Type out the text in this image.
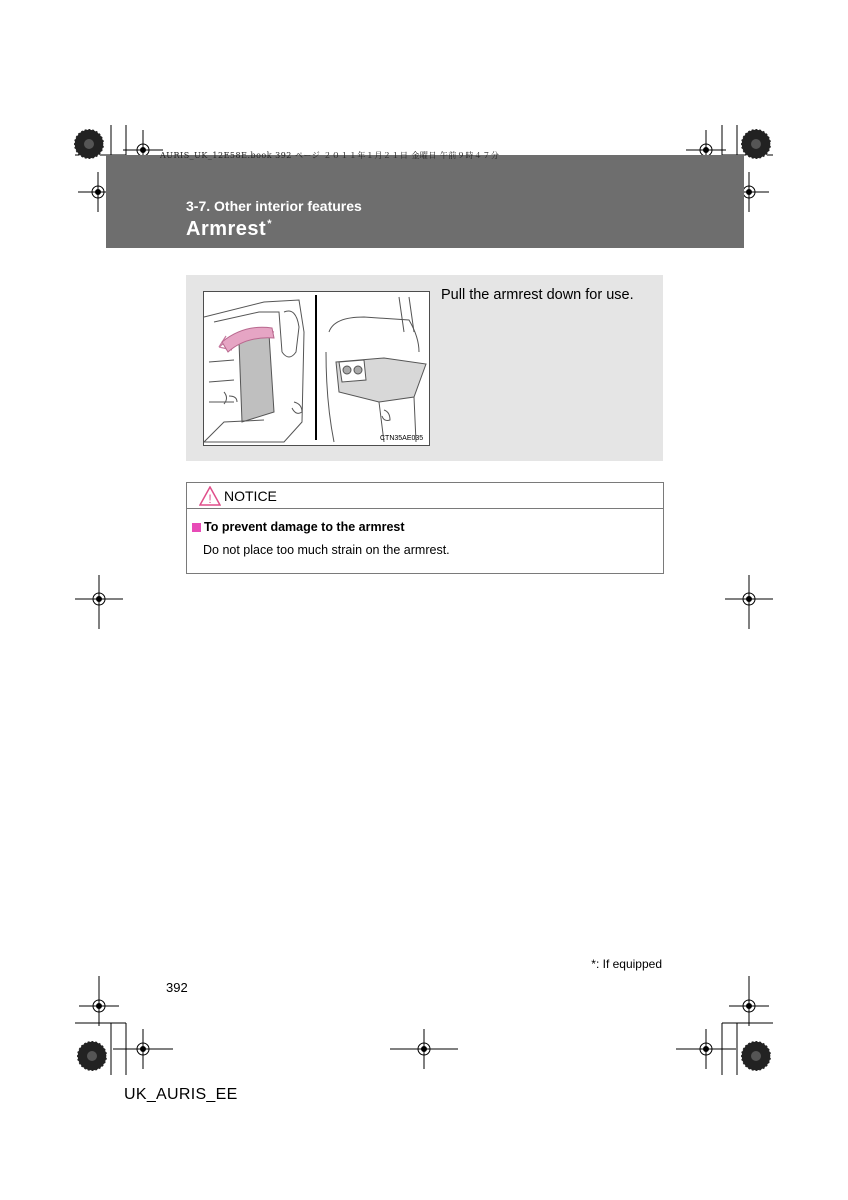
AURIS_UK_12E58E.book 392 ページ ２０１１年１月２１日 金曜日 午前９時４７分
3-7. Other interior features
Armrest*
CTN35AE035
Pull the armrest down for use.
! NOTICE
To prevent damage to the armrest
Do not place too much strain on the armrest.
*: If equipped
392
UK_AURIS_EE
